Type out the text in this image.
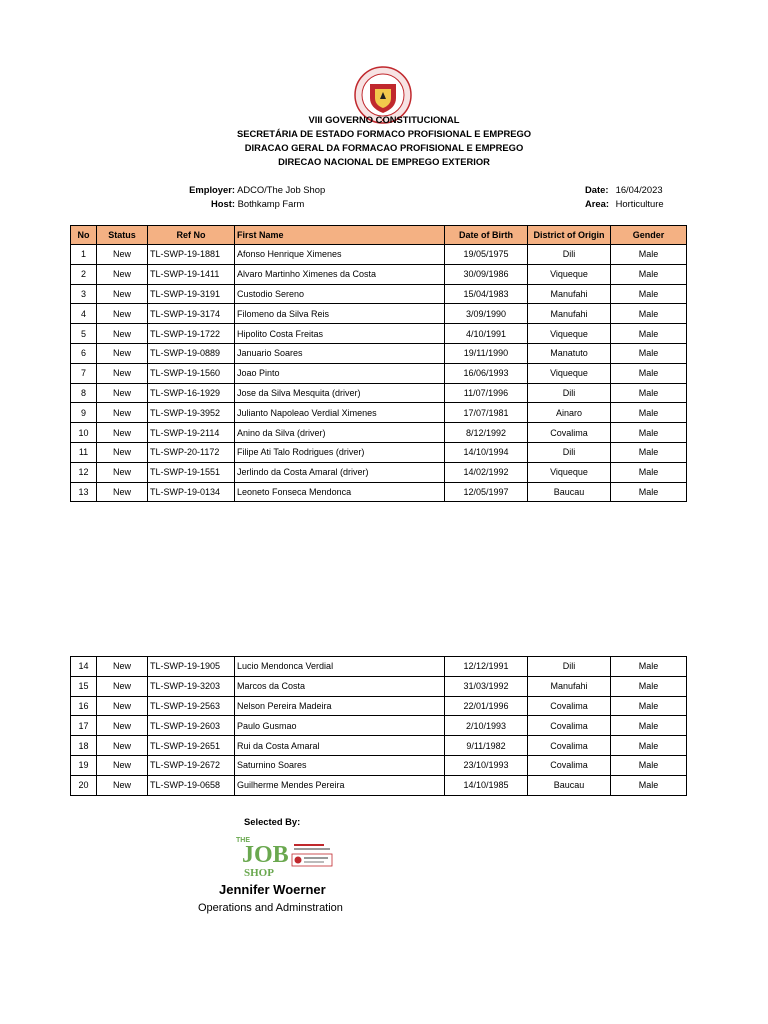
VIII GOVERNO CONSTITUCIONAL
SECRETÁRIA DE ESTADO FORMACO PROFISIONAL E EMPREGO
DIRACAO GERAL DA FORMACAO PROFISIONAL E EMPREGO
DIRECAO NACIONAL DE EMPREGO EXTERIOR
Employer: ADCO/The Job Shop
Host: Bothkamp Farm
Date: 16/04/2023
Area: Horticulture
No	Status	Ref No	First Name	Date of Birth	District of Origin	Gender
1	New	TL-SWP-19-1881	Afonso Henrique Ximenes	19/05/1975	Dili	Male
2	New	TL-SWP-19-1411	Alvaro Martinho Ximenes da Costa	30/09/1986	Viqueque	Male
3	New	TL-SWP-19-3191	Custodio Sereno	15/04/1983	Manufahi	Male
4	New	TL-SWP-19-3174	Filomeno da Silva Reis	3/09/1990	Manufahi	Male
5	New	TL-SWP-19-1722	Hipolito Costa Freitas	4/10/1991	Viqueque	Male
6	New	TL-SWP-19-0889	Januario Soares	19/11/1990	Manatuto	Male
7	New	TL-SWP-19-1560	Joao Pinto	16/06/1993	Viqueque	Male
8	New	TL-SWP-16-1929	Jose da Silva Mesquita (driver)	11/07/1996	Dili	Male
9	New	TL-SWP-19-3952	Julianto Napoleao Verdial Ximenes	17/07/1981	Ainaro	Male
10	New	TL-SWP-19-2114	Anino da Silva (driver)	8/12/1992	Covalima	Male
11	New	TL-SWP-20-1172	Filipe Ati Talo Rodrigues (driver)	14/10/1994	Dili	Male
12	New	TL-SWP-19-1551	Jerlindo da Costa Amaral (driver)	14/02/1992	Viqueque	Male
13	New	TL-SWP-19-0134	Leoneto Fonseca Mendonca	12/05/1997	Baucau	Male
14	New	TL-SWP-19-1905	Lucio Mendonca Verdial	12/12/1991	Dili	Male
15	New	TL-SWP-19-3203	Marcos da Costa	31/03/1992	Manufahi	Male
16	New	TL-SWP-19-2563	Nelson Pereira Madeira	22/01/1996	Covalima	Male
17	New	TL-SWP-19-2603	Paulo Gusmao	2/10/1993	Covalima	Male
18	New	TL-SWP-19-2651	Rui da Costa Amaral	9/11/1982	Covalima	Male
19	New	TL-SWP-19-2672	Saturnino Soares	23/10/1993	Covalima	Male
20	New	TL-SWP-19-0658	Guilherme Mendes Pereira	14/10/1985	Baucau	Male
Selected By:
THE
JOB
SHOP
Jennifer Woerner
Operations and Adminstration
